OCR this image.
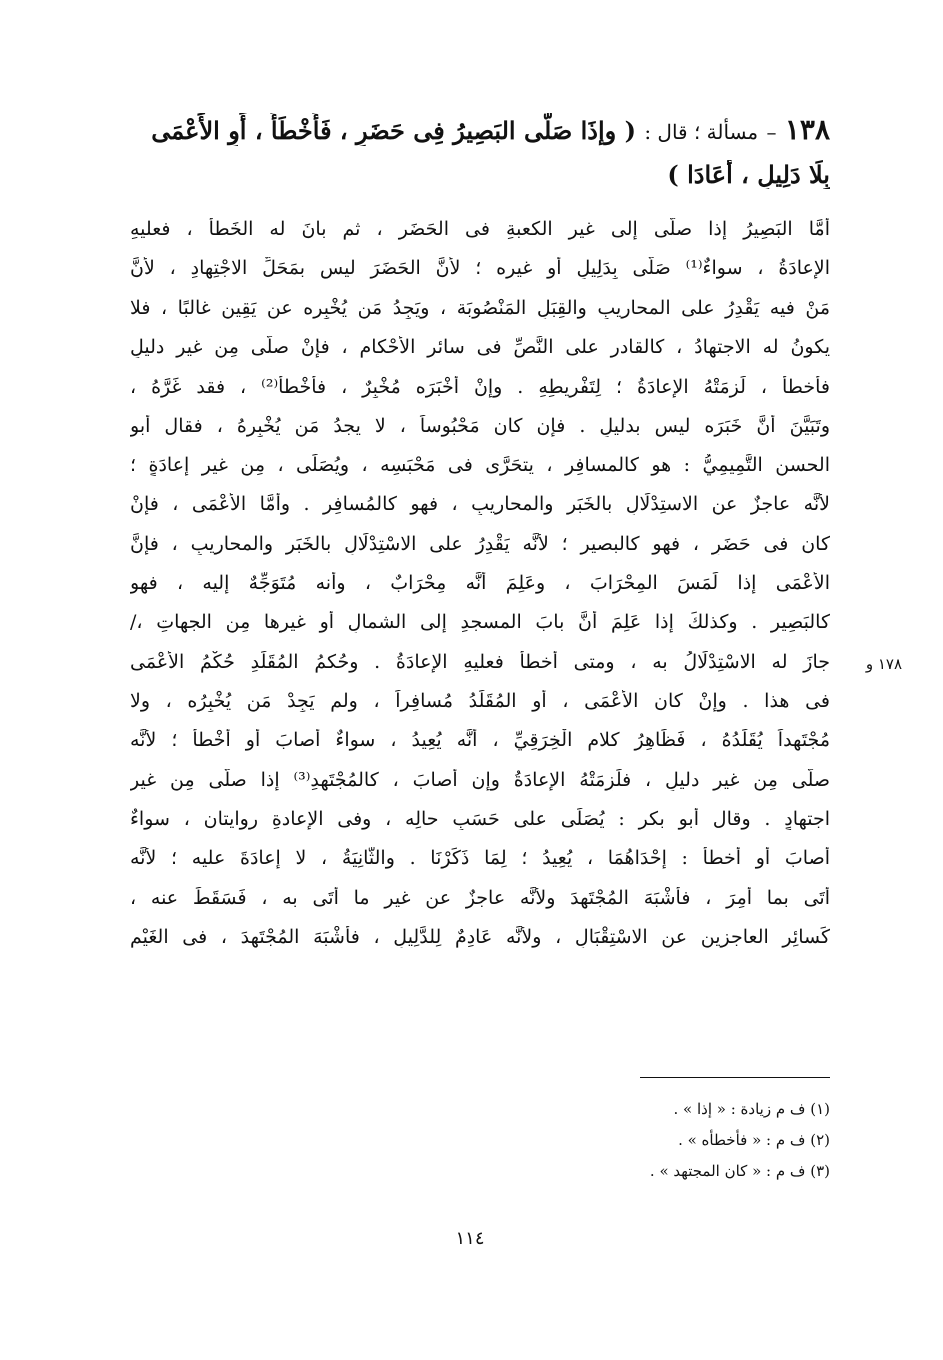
١٣٨ – مسألة ؛ قال : ( وإذَا صَلَّى البَصِيرُ فِى حَضَرٍ ، فَأَخْطَأَ ، أَوِ الأَعْمَى
بِلَا دَلِيلٍ ، أَعَادَا )
أَمَّا البَصِيرُ إذا صلَّى إلى غيرِ الكعبةِ فى الحَضَرِ ، ثم بانَ له الخَطأُ ، فعليهِ
الإعادَةُ ، سواءٌ⁽¹⁾ صَلَّى بِدَلِيلٍ أو غيرِه ؛ لأنَّ الحَضَرَ ليس بمَحَلِّ الاجْتِهادِ ، لأَنَّ
مَنْ فيه يَقْدِرُ على المحاريبِ والقِبَلِ المَنْصُوبَة ، ويَجِدُ مَن يُخْبِره عن يَقِينٍ غالبًا ، فلا
يكونُ له الاجتهادُ ، كالقادرِ على النَّصِّ فى سائرِ الأَحْكامِ ، فإنْ صلَّى مِن غيرِ دليلٍ
فأخطأَ ، لَزِمَتْهُ الإعادَةُ ؛ لِتَفْرِيطِهِ . وإنْ أَخْبَرَه مُخْبِرٌ ، فأَخْطأَ⁽²⁾ ، فقد غَرَّهُ ،
وتَبَيَّنَ أَنَّ خَبَرَه ليس بدليلٍ . فإن كان مَحْبُوساً ، لا يجدُ مَن يُخْبِرهُ ، فقال أبو
الحسنِ التَّمِيمِيُّ : هو كالمسافِرِ ، يتحَرَّى فى مَحْبَسِه ، ويُصَلِّى ، مِن غيرِ إعادَةٍ ؛
لأنَّه عاجزٌ عن الاستِدْلَالِ بالخَبَرِ والمحاريبِ ، فهو كالمُسافِرِ . وأَمَّا الأعْمَى ، فإنْ
كان فى حَضَرٍ ، فهو كالبصيرِ ؛ لأنَّه يَقْدِرُ على الاسْتِدْلَالِ بالخَبَرِ والمحاريبِ ، فإنَّ
الأَعْمَى إذا لَمَسَ المِحْرَابَ ، وعَلِمَ أنَّه مِحْرَابٌ ، وأنه مُتَوَجِّهٌ إليه ، فهو
كالبَصِيرِ . وكذلكَ إذا عَلِمَ أنَّ بابَ المسجدِ إلى الشمالِ أو غيرِها مِن الجهاتِ ،/
جازَ له الاسْتِدْلَالُ به ، ومتى أخطأَ فعليهِ الإعادَةُ . وحُكمُ المُقَلِّدِ حُكْمُ الأَعْمَى
فى هذا . وإنْ كان الأَعْمَى ، أو المُقَلِّدُ مُسافِراً ، ولم يَجِدْ مَن يُخْبِرُه ، ولا
مُجْتَهِداً يُقَلِّدُهُ ، فَظَاهِرُ كلامِ الْخِرَقِيِّ ، أنَّه يُعِيدُ ، سواءٌ أصابَ أو أخْطأَ ؛ لأنَّه
صلَّى مِن غيرِ دليلٍ ، فلَزِمَتْهُ الإعادَةُ وإن أصابَ ، كالمُجْتَهِدِ⁽³⁾ إذا صلَّى مِن غيرِ
اجتهادٍ . وقال أبو بكر : يُصَلِّى على حَسَبِ حالِه ، وفى الإعادةِ روايتان ، سواءٌ
أصابَ أو أخطأَ : إحْدَاهُمَا ، يُعِيدُ ؛ لِمَا ذَكَرْنَا . والثَّانِيَةُ ، لا إعادَةَ عليه ؛ لأنَّه
أَتَى بما أُمِرَ ، فأشْبَهَ المُجْتَهِدَ ولأنَّه عاجزٌ عن غيرِ ما أتَى به ، فَسَقَطَ عنه ،
كَسائِرِ العاجزِين عن الاسْتِقْبَالِ ، ولأنَّه عَادِمٌ لِلدَّلِيلِ ، فأَشْبَهَ المُجْتَهِدَ ، فى الغَيْمِ
١٧٨ و
(١) ف م زيادة : « إذا » .
(٢) ف م : « فأخطأه » .
(٣) ف م : « كان المجتهد » .
١١٤
